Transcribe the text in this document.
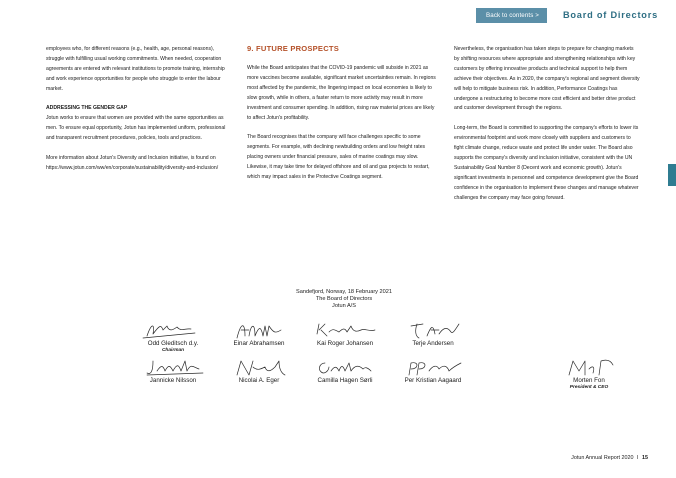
Back to contents >	Board of Directors

employees who, for different reasons (e.g., health, age, personal reasons), struggle with fulfilling usual working commitments. When needed, cooperation agreements are entered with relevant institutions to promote training, internship and work experience opportunities for people who struggle to enter the labour market.

ADDRESSING THE GENDER GAP
Jotun works to ensure that women are provided with the same opportunities as men. To ensure equal opportunity, Jotun has implemented uniform, professional and transparent recruitment procedures, policies, tools and practices.

More information about Jotun's Diversity and Inclusion initiative, is found on https://www.jotun.com/ww/en/corporate/sustainability/diversity-and-inclusion/

9. FUTURE PROSPECTS

While the Board anticipates that the COVID-19 pandemic will subside in 2021 as more vaccines become available, significant market uncertainties remain. In regions most affected by the pandemic, the lingering impact on local economies is likely to slow growth, while in others, a faster return to more activity may result in more investment and consumer spending. In addition, rising raw material prices are likely to affect Jotun's profitability.

The Board recognises that the company will face challenges specific to some segments. For example, with declining newbuilding orders and low freight rates placing owners under financial pressure, sales of marine coatings may slow. Likewise, it may take time for delayed offshore and oil and gas projects to restart, which may impact sales in the Protective Coatings segment.

Nevertheless, the organisation has taken steps to prepare for changing markets by shifting resources where appropriate and strengthening relationships with key customers by offering innovative products and technical support to help them achieve their objectives. As in 2020, the company's regional and segment diversity will help to mitigate business risk. In addition, Performance Coatings has undergone a restructuring to become more cost efficient and better drive product and customer development through the regions.

Long-term, the Board is committed to supporting the company's efforts to lower its environmental footprint and work more closely with suppliers and customers to fight climate change, reduce waste and protect life under water. The Board also supports the company's diversity and inclusion initiative, consistent with the UN Sustainability Goal Number 8 (Decent work and economic growth). Jotun's significant investments in personnel and competence development give the Board confidence in the organisation to implement these changes and manage whatever challenges the company may face going forward.

Sandefjord, Norway, 18 February 2021
The Board of Directors
Jotun A/S
Odd Gleditsch d.y.
Chairman
Einar Abrahamsen	Kai Roger Johansen	Terje Andersen
Jannicke Nilsson	Nicolai A. Eger	Camilla Hagen Sørli	Per Kristian Aagaard	Morten Fon
President & CEO
Jotun Annual Report 2020 I 15
